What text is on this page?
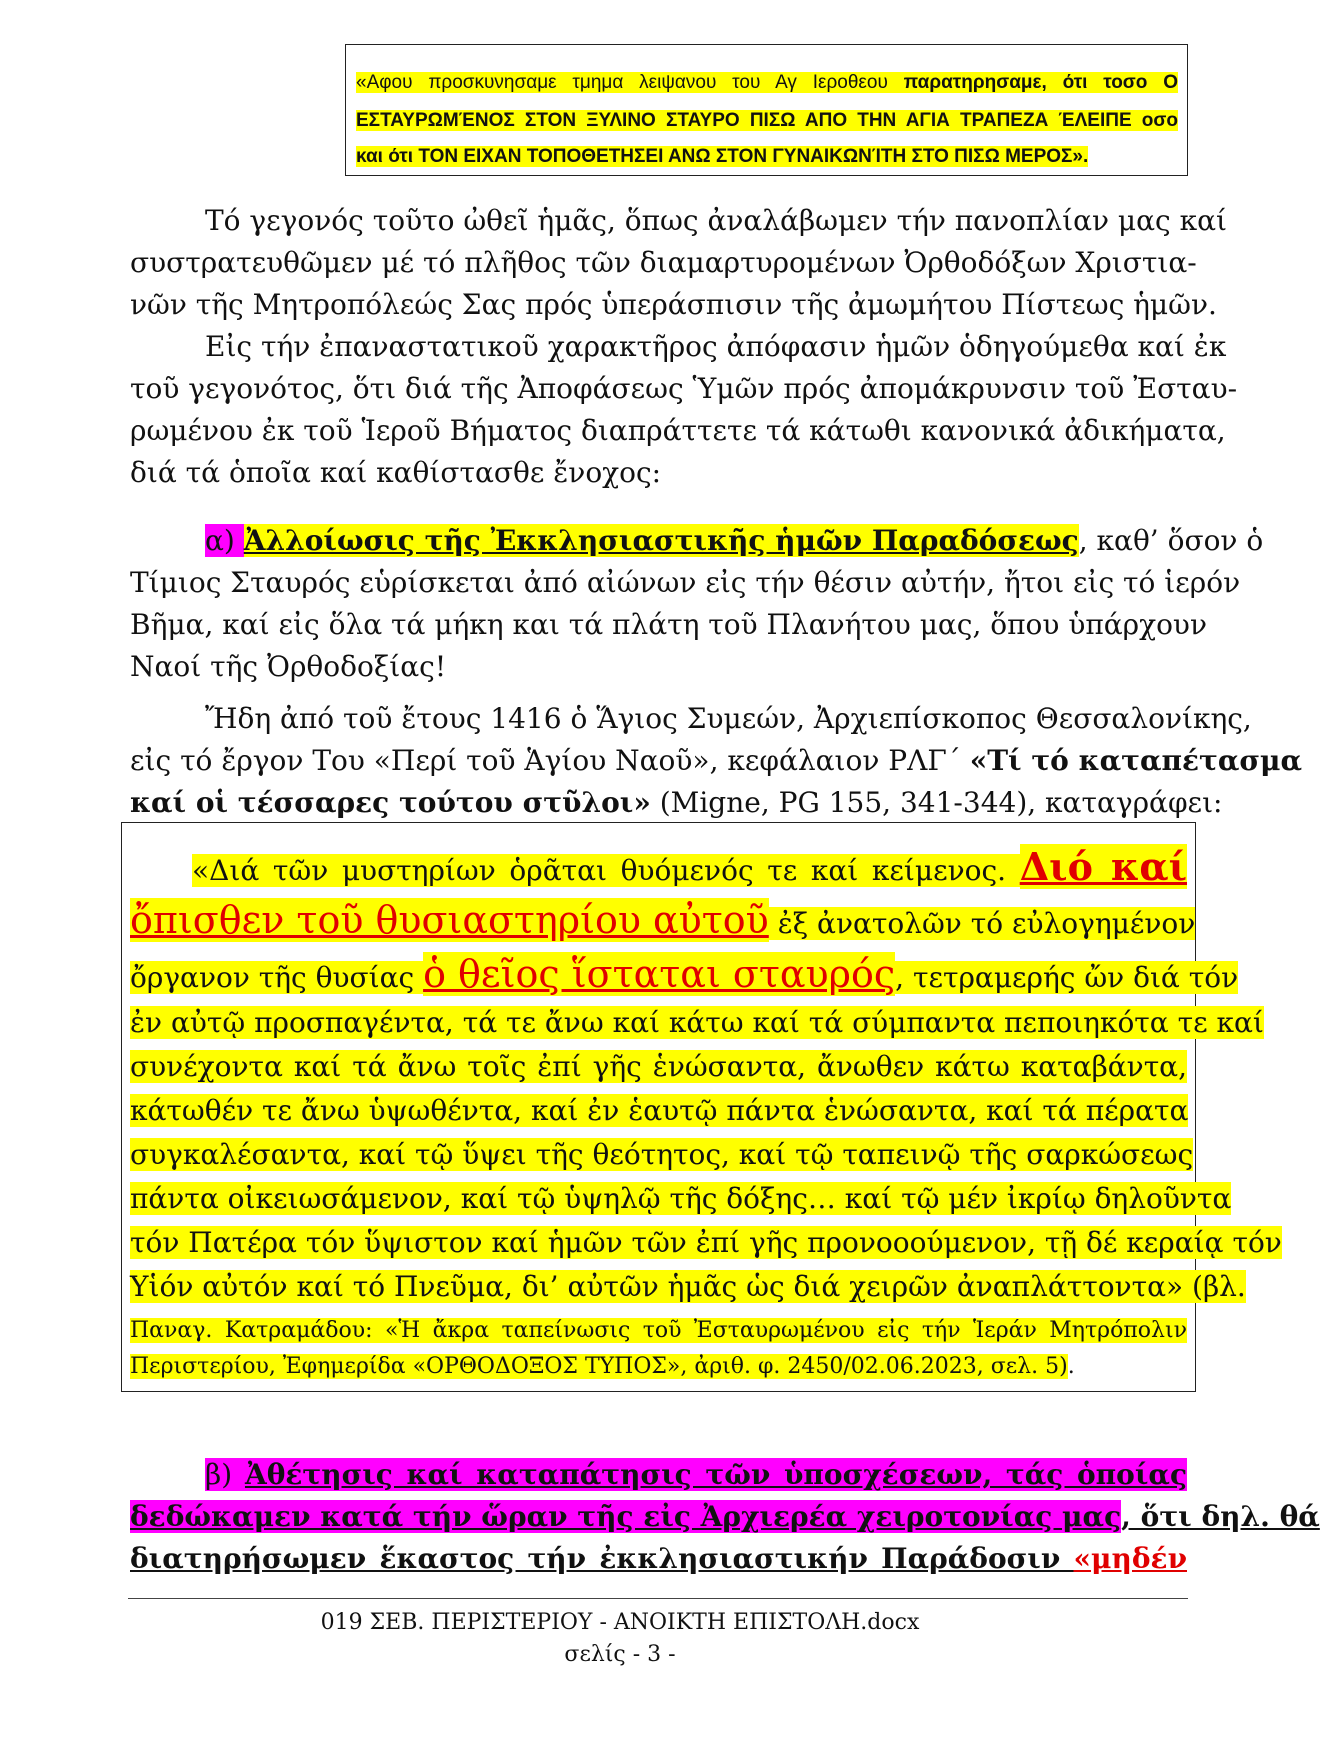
«Αφου προσκυνησαμε τμημα λειψανου του Αγ Ιεροθεου παρατηρησαμε, ότι τοσο Ο
ΕΣΤΑΥΡΩΜΈΝΟΣ ΣΤΟΝ ΞΥΛΙΝΟ ΣΤΑΥΡΟ ΠΙΣΩ ΑΠΟ ΤΗΝ ΑΓΙΑ ΤΡΑΠΕΖΑ ΈΛΕΙΠΕ οσο
και ότι ΤΟΝ ΕΙΧΑΝ ΤΟΠΟΘΕΤΗΣΕΙ ΑΝΩ ΣΤΟΝ ΓΥΝΑΙΚΩΝΊΤΗ ΣΤΟ ΠΙΣΩ ΜΕΡΟΣ».
Τό γεγονός τοῦτο ὠθεῖ ἡμᾶς, ὅπως ἀναλάβωμεν τήν πανοπλίαν μας καί
συστρατευθῶμεν μέ τό πλῆθος τῶν διαμαρτυρομένων Ὀρθοδόξων Χριστια-
νῶν τῆς Μητροπόλεώς Σας πρός ὑπεράσπισιν τῆς ἀμωμήτου Πίστεως ἡμῶν.
Εἰς τήν ἐπαναστατικοῦ χαρακτῆρος ἀπόφασιν ἡμῶν ὁδηγούμεθα καί ἐκ
τοῦ γεγονότος, ὅτι διά τῆς Ἀποφάσεως Ὑμῶν πρός ἀπομάκρυνσιν τοῦ Ἐσταυ-
ρωμένου ἐκ τοῦ Ἱεροῦ Βήματος διαπράττετε τά κάτωθι κανονικά ἀδικήματα,
διά τά ὁποῖα καί καθίστασθε ἔνοχος:
α) Ἀλλοίωσις τῆς Ἐκκλησιαστικῆς ἡμῶν Παραδόσεως, καθ’ ὅσον ὁ
Τίμιος Σταυρός εὑρίσκεται ἀπό αἰώνων εἰς τήν θέσιν αὐτήν, ἤτοι εἰς τό ἱερόν
Βῆμα, καί εἰς ὅλα τά μήκη και τά πλάτη τοῦ Πλανήτου μας, ὅπου ὑπάρχουν
Ναοί τῆς Ὀρθοδοξίας!
Ἤδη ἀπό τοῦ ἔτους 1416 ὁ Ἅγιος Συμεών, Ἀρχιεπίσκοπος Θεσσαλονίκης,
εἰς τό ἔργον Του «Περί τοῦ Ἁγίου Ναοῦ», κεφάλαιον ΡΛΓ΄ «Τί τό καταπέτασμα
καί οἱ τέσσαρες τούτου στῦλοι» (Migne, PG 155, 341-344), καταγράφει:
«Διά τῶν μυστηρίων ὁρᾶται θυόμενός τε καί κείμενος. Διό καί
ὄπισθεν τοῦ θυσιαστηρίου αὐτοῦ ἐξ ἀνατολῶν τό εὐλογημένον
ὄργανον τῆς θυσίας ὁ θεῖος ἵσταται σταυρός, τετραμερής ὤν διά τόν
ἐν αὐτῷ προσπαγέντα, τά τε ἄνω καί κάτω καί τά σύμπαντα πεποιηκότα τε καί
συνέχοντα καί τά ἄνω τοῖς ἐπί γῆς ἑνώσαντα, ἄνωθεν κάτω καταβάντα,
κάτωθέν τε ἄνω ὑψωθέντα, καί ἐν ἑαυτῷ πάντα ἑνώσαντα, καί τά πέρατα
συγκαλέσαντα, καί τῷ ὕψει τῆς θεότητος, καί τῷ ταπεινῷ τῆς σαρκώσεως
πάντα οἰκειωσάμενον, καί τῷ ὑψηλῷ τῆς δόξης… καί τῷ μέν ἰκρίῳ δηλοῦντα
τόν Πατέρα τόν ὕψιστον καί ἡμῶν τῶν ἐπί γῆς προνοοούμενον, τῇ δέ κεραίᾳ τόν
Υἱόν αὐτόν καί τό Πνεῦμα, δι’ αὐτῶν ἡμᾶς ὡς διά χειρῶν ἀναπλάττοντα» (βλ.
Παναγ. Κατραμάδου: «Ἡ ἄκρα ταπείνωσις τοῦ Ἐσταυρωμένου εἰς τήν Ἱεράν Μητρόπολιν
Περιστερίου, Ἐφημερίδα «ΟΡΘΟΔΟΞΟΣ ΤΥΠΟΣ», ἀριθ. φ. 2450/02.06.2023, σελ. 5).
β) Ἀθέτησις καί καταπάτησις τῶν ὑποσχέσεων, τάς ὁποίας
δεδώκαμεν κατά τήν ὥραν τῆς εἰς Ἀρχιερέα χειροτονίας μας, ὅτι δηλ. θά
διατηρήσωμεν ἕκαστος τήν ἐκκλησιαστικήν Παράδοσιν «μηδέν
019 ΣΕΒ. ΠΕΡΙΣΤΕΡΙΟΥ - ΑΝΟΙΚΤΗ ΕΠΙΣΤΟΛΗ.docx
σελίς - 3 -
